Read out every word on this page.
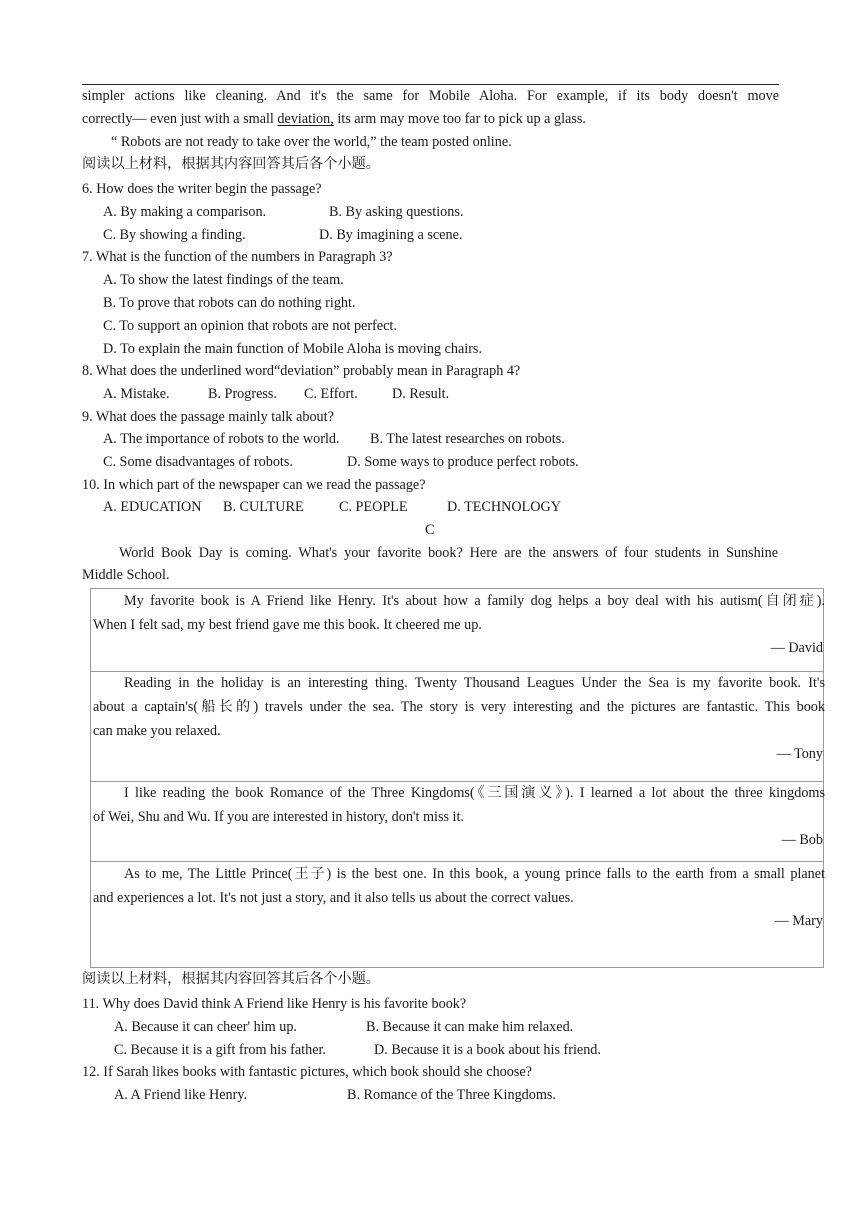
simpler actions like cleaning. And it's the same for Mobile Aloha. For example, if its body doesn't move
correctly— even just with a small deviation, its arm may move too far to pick up a glass.
“ Robots are not ready to take over the world,” the team posted online.
阅读以上材料，根据其内容回答其后各个小题。
6. How does the writer begin the passage?
A. By making a comparison.	B. By asking questions.
C. By showing a finding.	D. By imagining a scene.
7. What is the function of the numbers in Paragraph 3?
A. To show the latest findings of the team.
B. To prove that robots can do nothing right.
C. To support an opinion that robots are not perfect.
D. To explain the main function of Mobile Aloha is moving chairs.
8. What does the underlined word“deviation” probably mean in Paragraph 4?
A. Mistake.	B. Progress. C. Effort. D. Result.
9. What does the passage mainly talk about?
A. The importance of robots to the world. B. The latest researches on robots.
C. Some disadvantages of robots.	D. Some ways to produce perfect robots.
10. In which part of the newspaper can we read the passage?
A. EDUCATION B. CULTURE C. PEOPLE	D. TECHNOLOGY
C
World Book Day is coming. What's your favorite book? Here are the answers of four students in Sunshine
Middle School.
My favorite book is A Friend like Henry. It's about how a family dog helps a boy deal with his autism(自闭症).
When I felt sad, my best friend gave me this book. It cheered me up.
— David
Reading in the holiday is an interesting thing. Twenty Thousand Leagues Under the Sea is my favorite book. It's
about a captain's(船长的) travels under the sea. The story is very interesting and the pictures are fantastic. This book
can make you relaxed.
— Tony
I like reading the book Romance of the Three Kingdoms(《三国演义》). I learned a lot about the three kingdoms
of Wei, Shu and Wu. If you are interested in history, don't miss it.
— Bob
As to me, The Little Prince(王子) is the best one. In this book, a young prince falls to the earth from a small planet
and experiences a lot. It's not just a story, and it also tells us about the correct values.
— Mary
阅读以上材料，根据其内容回答其后各个小题。
11. Why does David think A Friend like Henry is his favorite book?
A. Because it can cheer' him up.	B. Because it can make him relaxed.
C. Because it is a gift from his father.	D. Because it is a book about his friend.
12. If Sarah likes books with fantastic pictures, which book should she choose?
A. A Friend like Henry.	B. Romance of the Three Kingdoms.
